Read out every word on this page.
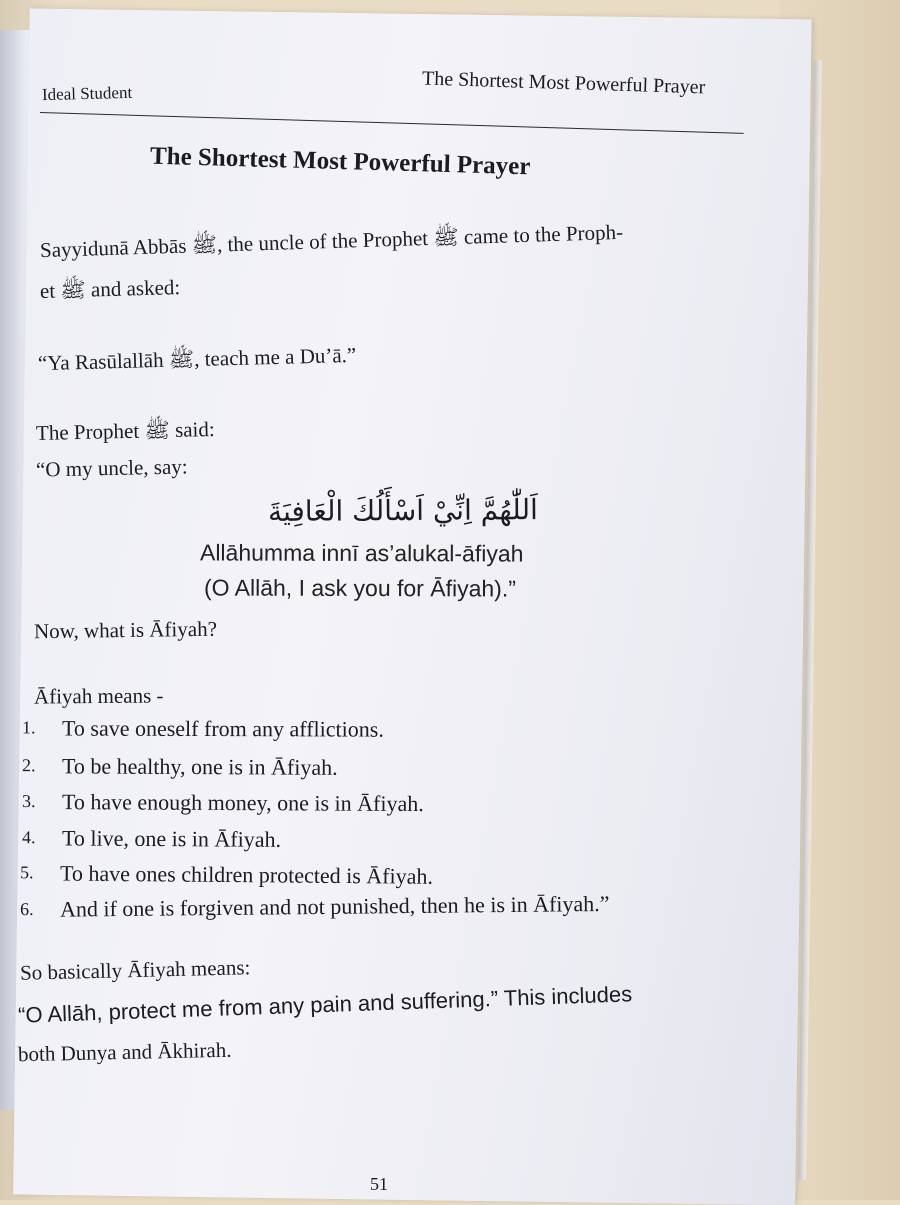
Ideal Student	The Shortest Most Powerful Prayer
The Shortest Most Powerful Prayer
Sayyidunā Abbās ﷺ, the uncle of the Prophet ﷺ came to the Proph-
et ﷺ and asked:
“Ya Rasūlallāh ﷺ, teach me a Du’ā.”
The Prophet ﷺ said:
“O my uncle, say:
اَللّٰهُمَّ اِنِّيْ اَسْأَلُكَ الْعَافِيَةَ
Allāhumma innī as’alukal-āfiyah
(O Allāh, I ask you for Āfiyah).”
Now, what is Āfiyah?
Āfiyah means -
1. To save oneself from any afflictions.
2. To be healthy, one is in Āfiyah.
3. To have enough money, one is in Āfiyah.
4. To live, one is in Āfiyah.
5. To have ones children protected is Āfiyah.
6. And if one is forgiven and not punished, then he is in Āfiyah.”
So basically Āfiyah means:
“O Allāh, protect me from any pain and suffering.” This includes
both Dunya and Ākhirah.
51
